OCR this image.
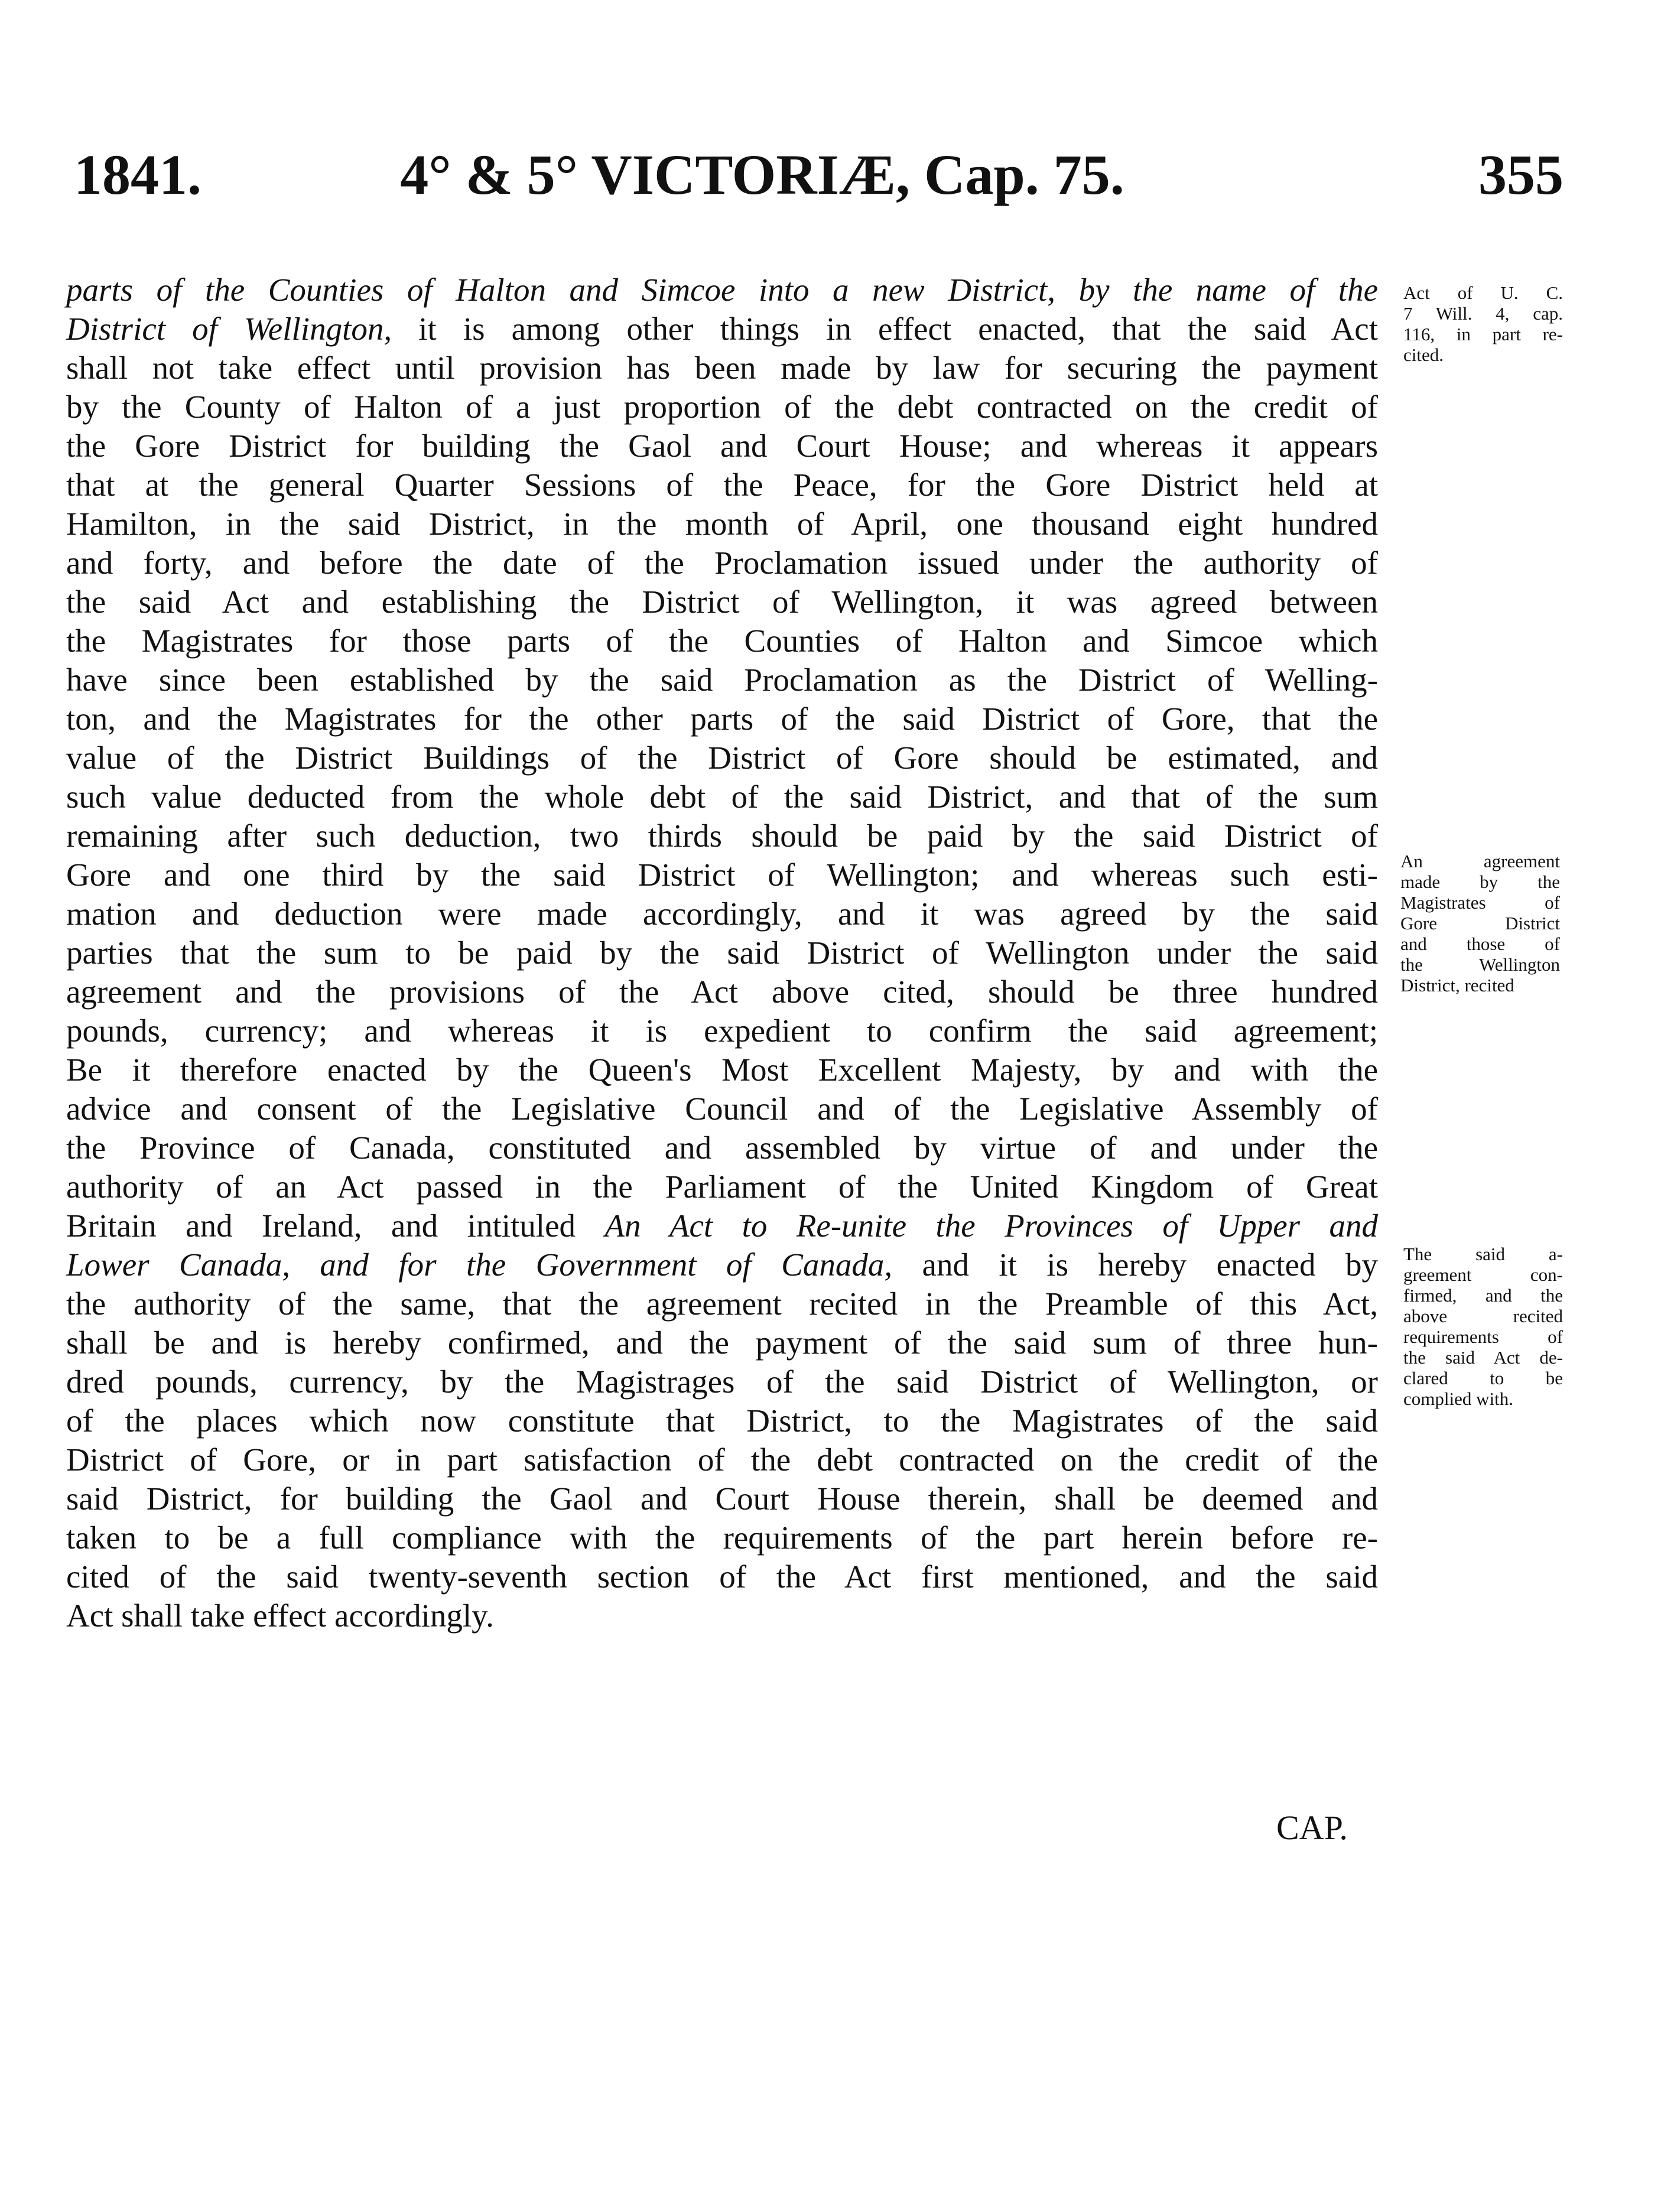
1841.	4° & 5° VICTORIÆ, Cap. 75.	355
parts of the Counties of Halton and Simcoe into a new District, by the name of the
District of Wellington, it is among other things in effect enacted, that the said Act
shall not take effect until provision has been made by law for securing the payment
by the County of Halton of a just proportion of the debt contracted on the credit of
the Gore District for building the Gaol and Court House; and whereas it appears
that at the general Quarter Sessions of the Peace, for the Gore District held at
Hamilton, in the said District, in the month of April, one thousand eight hundred
and forty, and before the date of the Proclamation issued under the authority of
the said Act and establishing the District of Wellington, it was agreed between
the Magistrates for those parts of the Counties of Halton and Simcoe which
have since been established by the said Proclamation as the District of Welling-
ton, and the Magistrates for the other parts of the said District of Gore, that the
value of the District Buildings of the District of Gore should be estimated, and
such value deducted from the whole debt of the said District, and that of the sum
remaining after such deduction, two thirds should be paid by the said District of
Gore and one third by the said District of Wellington; and whereas such esti-
mation and deduction were made accordingly, and it was agreed by the said
parties that the sum to be paid by the said District of Wellington under the said
agreement and the provisions of the Act above cited, should be three hundred
pounds, currency; and whereas it is expedient to confirm the said agreement;
Be it therefore enacted by the Queen's Most Excellent Majesty, by and with the
advice and consent of the Legislative Council and of the Legislative Assembly of
the Province of Canada, constituted and assembled by virtue of and under the
authority of an Act passed in the Parliament of the United Kingdom of Great
Britain and Ireland, and intituled An Act to Re-unite the Provinces of Upper and
Lower Canada, and for the Government of Canada, and it is hereby enacted by
the authority of the same, that the agreement recited in the Preamble of this Act,
shall be and is hereby confirmed, and the payment of the said sum of three hun-
dred pounds, currency, by the Magistrages of the said District of Wellington, or
of the places which now constitute that District, to the Magistrates of the said
District of Gore, or in part satisfaction of the debt contracted on the credit of the
said District, for building the Gaol and Court House therein, shall be deemed and
taken to be a full compliance with the requirements of the part herein before re-
cited of the said twenty-seventh section of the Act first mentioned, and the said
Act shall take effect accordingly.
Act of U. C.
7 Will. 4, cap.
116, in part re-
cited.
An agreement
made by the
Magistrates of
Gore District
and those of
the Wellington
District, recited
The said a-
greement con-
firmed, and the
above recited
requirements of
the said Act de-
clared to be
complied with.
CAP.
